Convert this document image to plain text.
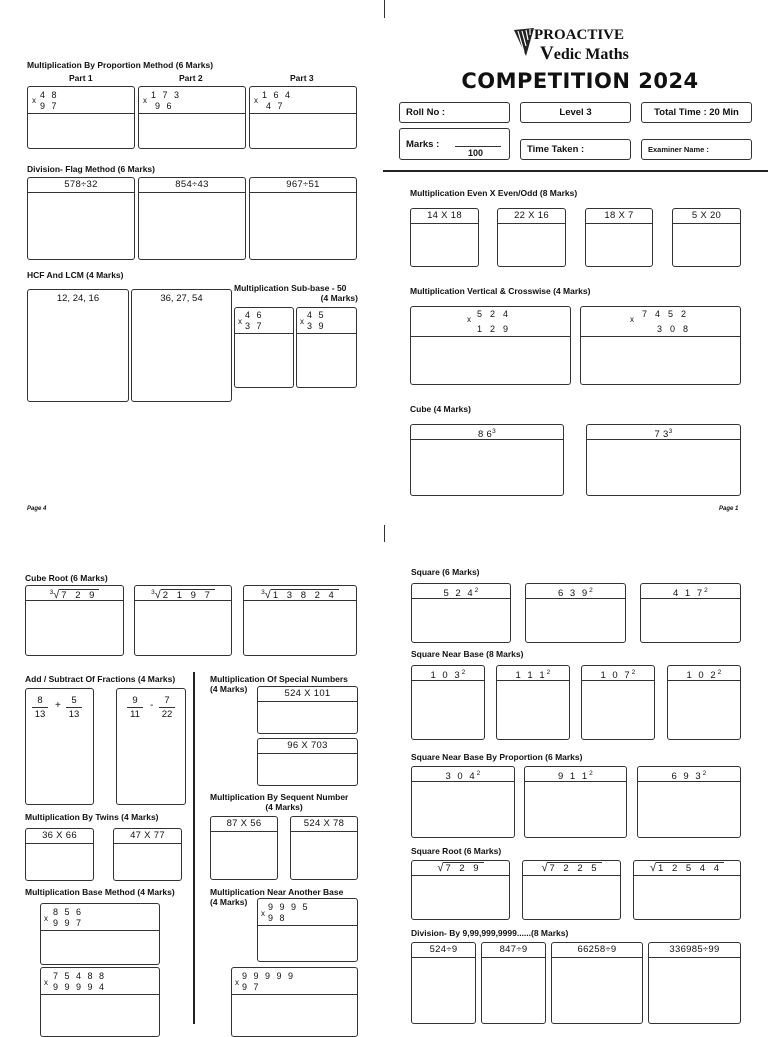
Multiplication By Proportion Method (6 Marks)
Part 1	Part 2	Part 3
x
4 8
9 7
x
1 7 3
9 6
x
1 6 4
4 7
Division- Flag Method (6 Marks)
578÷32	854÷43	967÷51
HCF And LCM (4 Marks)
12, 24, 16	36, 27, 54
Multiplication Sub-base - 50
(4 Marks)
x
4 6
3 7	x
4 5
3 9
Page 4
PROACTIVE
Vedic Maths
COMPETITION 2024
Roll No :	Level 3	Total Time : 20 Min
Marks :
100	Time Taken :	Examiner Name :
Multiplication Even X Even/Odd (8 Marks)
14 X 18	22 X 16	18 X 7	5 X 20
Multiplication Vertical & Crosswise (4 Marks)
x
5  2  4
1  2  9
x
7  4  5  2
3  0  8
Cube (4 Marks)
8 $6^3$	7 $3^3$
Page 1
Cube Root (6 Marks)
$^3$√ 7 2 9	$^3$√ 2 1 9 7	$^3$√ 1 3 8 2 4
Add / Subtract Of Fractions (4 Marks)
8
13
+ 5
13
9
11
- 7
22
Multiplication Of Special Numbers
(4 Marks)	524 X 101
96 X 703
Multiplication By Twins (4 Marks)
36 X 66	47 X 77
Multiplication By Sequent Number
(4 Marks)
87 X 56	524 X 78
Multiplication Base Method (4 Marks)
x
8 5 6
9 9 7
x
7 5 4 8 8
9 9 9 9 4
Multiplication Near Another Base
(4 Marks)
x
9 9 9 5
9 8
x
9 9 9 9 9
9 7
Square (6 Marks)
5 2 $4^2$	6 3 $9^2$	4 1 $7^2$
Square Near Base (8 Marks)
1 0 $3^2$	1 1 $1^2$	1 0 $7^2$	1 0 $2^2$
Square Near Base By Proportion (6 Marks)
3 0 $4^2$	9 1 $1^2$	6 9 $3^2$
Square Root (6 Marks)
√ 7 2 9	√ 7 2 2 5	√ 1 2 5 4 4
Division- By 9,99,999,9999......(8 Marks)
524÷9	847÷9	66258÷9	336985÷99
